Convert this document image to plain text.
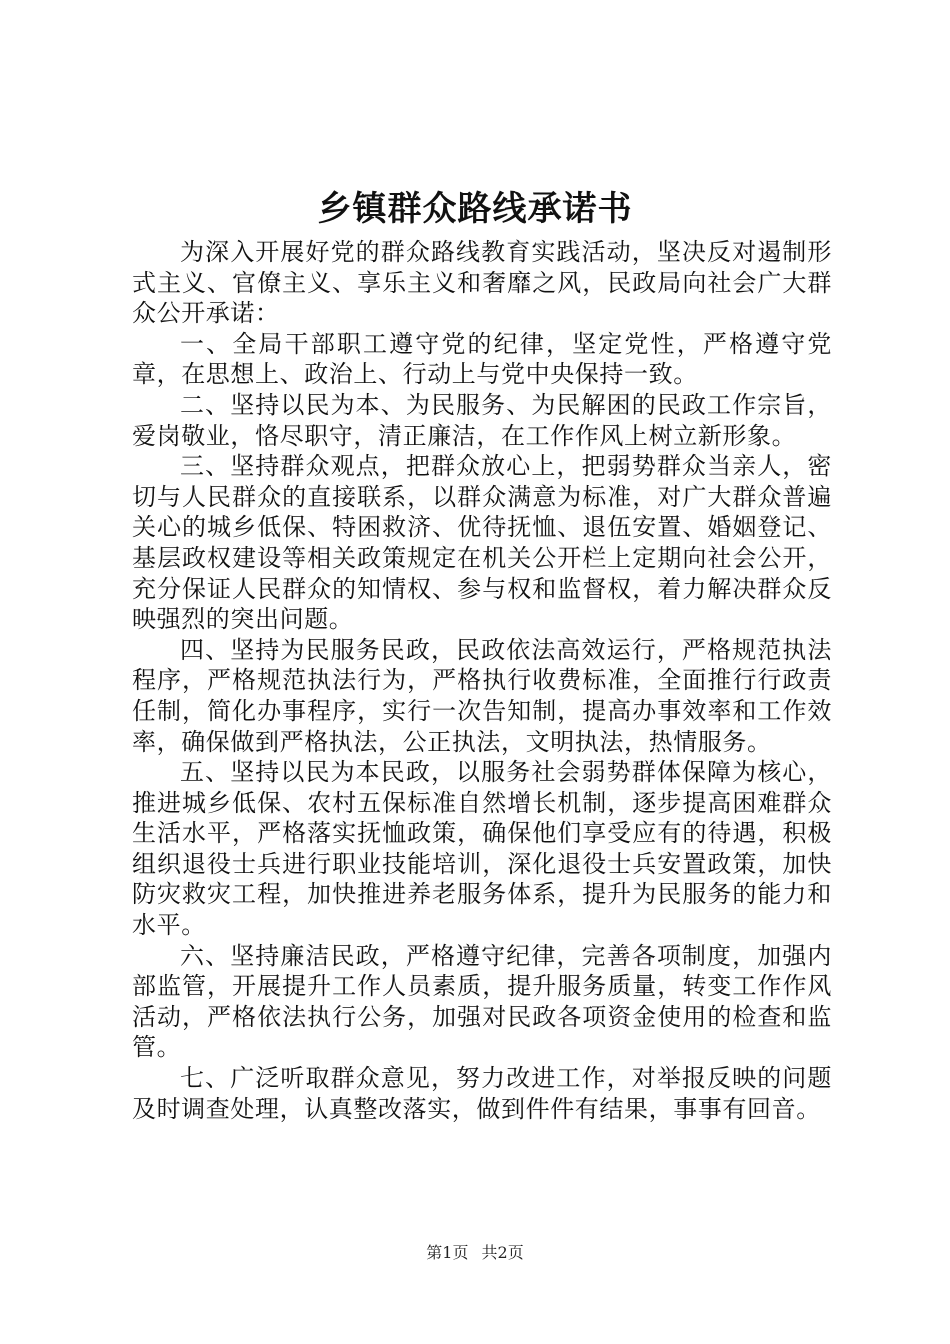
乡镇群众路线承诺书

为深入开展好党的群众路线教育实践活动，坚决反对遏制形式主义、官僚主义、享乐主义和奢靡之风，民政局向社会广大群众公开承诺：

一、全局干部职工遵守党的纪律，坚定党性，严格遵守党章，在思想上、政治上、行动上与党中央保持一致。

二、坚持以民为本、为民服务、为民解困的民政工作宗旨，爱岗敬业，恪尽职守，清正廉洁，在工作作风上树立新形象。

三、坚持群众观点，把群众放心上，把弱势群众当亲人，密切与人民群众的直接联系，以群众满意为标准，对广大群众普遍关心的城乡低保、特困救济、优待抚恤、退伍安置、婚姻登记、基层政权建设等相关政策规定在机关公开栏上定期向社会公开，充分保证人民群众的知情权、参与权和监督权，着力解决群众反映强烈的突出问题。

四、坚持为民服务民政，民政依法高效运行，严格规范执法程序，严格规范执法行为，严格执行收费标准，全面推行行政责任制，简化办事程序，实行一次告知制，提高办事效率和工作效率，确保做到严格执法，公正执法，文明执法，热情服务。

五、坚持以民为本民政，以服务社会弱势群体保障为核心，推进城乡低保、农村五保标准自然增长机制，逐步提高困难群众生活水平，严格落实抚恤政策，确保他们享受应有的待遇，积极组织退役士兵进行职业技能培训，深化退役士兵安置政策，加快防灾救灾工程，加快推进养老服务体系，提升为民服务的能力和水平。

六、坚持廉洁民政，严格遵守纪律，完善各项制度，加强内部监管，开展提升工作人员素质，提升服务质量，转变工作作风活动，严格依法执行公务，加强对民政各项资金使用的检查和监管。

七、广泛听取群众意见，努力改进工作，对举报反映的问题及时调查处理，认真整改落实，做到件件有结果，事事有回音。

第1页 共2页
